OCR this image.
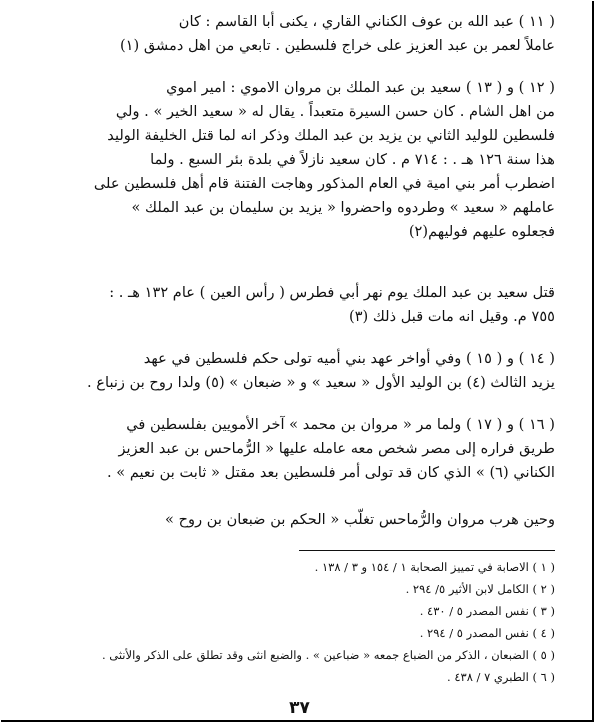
( ١١ ) عبد الله بن عوف الكناني القاري ، يكنى أبا القاسم : كان
عاملاً لعمر بن عبد العزيز على خراج فلسطين . تابعي من اهل دمشق (١)
( ١٢ ) و ( ١٣ ) سعيد بن عبد الملك بن مروان الاموي : امير اموي
من اهل الشام . كان حسن السيرة متعبداً . يقال له « سعيد الخير » . ولي
فلسطين للوليد الثاني بن يزيد بن عبد الملك وذكر انه لما قتل الخليفة الوليد
هذا سنة ١٢٦ هـ . : ٧١٤ م . كان سعيد نازلاً في بلدة بئر السبع . ولما
اضطرب أمر بني امية في العام المذكور وهاجت الفتنة قام أهل فلسطين على
عاملهم « سعيد » وطردوه واحضروا « يزيد بن سليمان بن عبد الملك »
فجعلوه عليهم فوليهم(٢)
قتل سعيد بن عبد الملك يوم نهر أبي فطرس ( رأس العين ) عام ١٣٢ هـ . :
٧٥٥ م. وقيل انه مات قبل ذلك (٣)
( ١٤ ) و ( ١٥ ) وفي أواخر عهد بني أميه تولى حكم فلسطين في عهد
يزيد الثالث (٤) بن الوليد الأول « سعيد » و « ضبعان » (٥) ولدا روح بن زنباع .
( ١٦ ) و ( ١٧ ) ولما مر « مروان بن محمد » آخر الأمويين بفلسطين في
طريق فراره إلى مصر شخص معه عامله عليها « الرُّماحس بن عبد العزيز
الكناني (٦) » الذي كان قد تولى أمر فلسطين بعد مقتل « ثابت بن نعيم » .
وحين هرب مروان والرُّماحس تغلّب « الحكم بن ضبعان بن روح »
( ١ ) الاصابة في تمييز الصحابة ١ / ١٥٤ و ٣ / ١٣٨ .
( ٢ ) الكامل لابن الأثير ٥/ ٢٩٤ .
( ٣ ) نفس المصدر ٥ / ٤٣٠ .
( ٤ ) نفس المصدر ٥ / ٢٩٤ .
( ٥ ) الضبعان ، الذكر من الضباع جمعه « ضباعين » . والضبع انثى وقد تطلق على الذكر والأنثى .
( ٦ ) الطبري ٧ / ٤٣٨ .
٣٧
